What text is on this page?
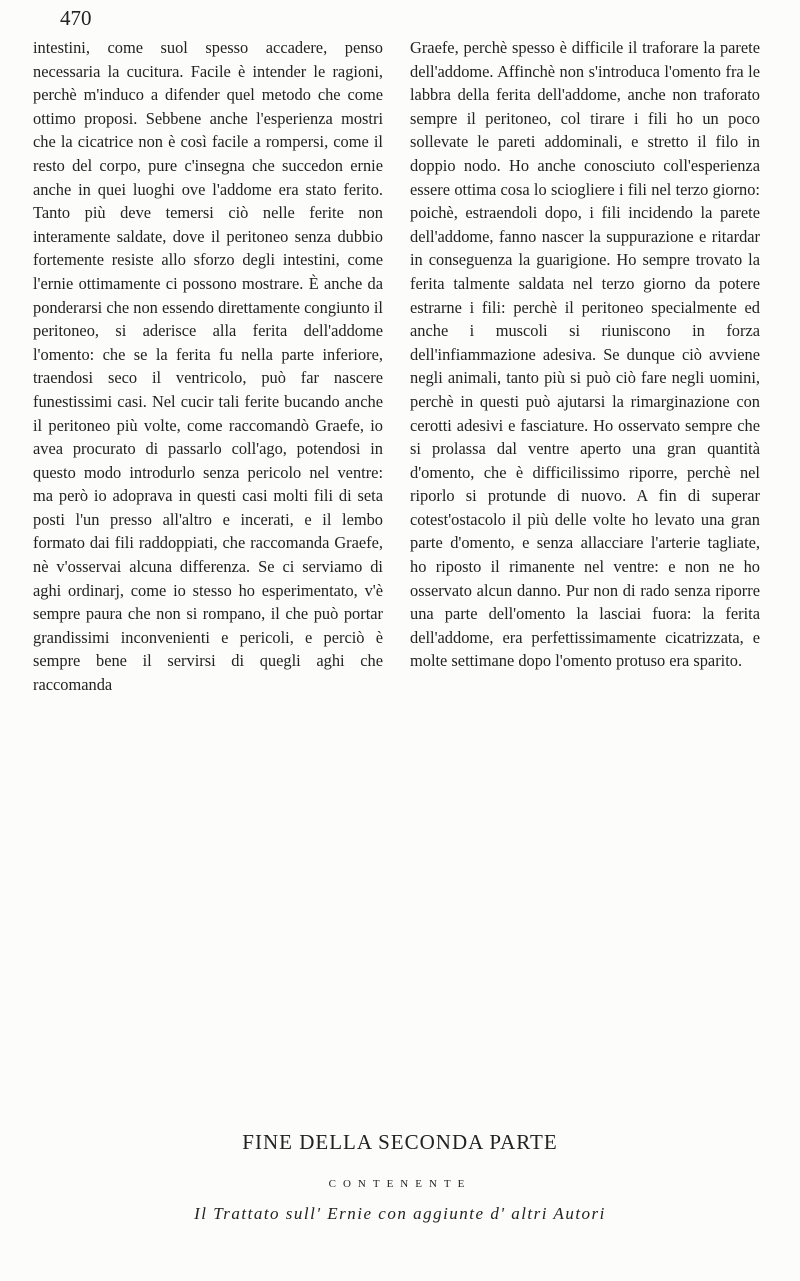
470

intestini, come suol spesso accadere, penso necessaria la cucitura. Facile è intender le ragioni, perchè m'induco a difender quel metodo che come ottimo proposi. Sebbene anche l'esperienza mostri che la cicatrice non è così facile a rompersi, come il resto del corpo, pure c'insegna che succedon ernie anche in quei luoghi ove l'addome era stato ferito. Tanto più deve temersi ciò nelle ferite non interamente saldate, dove il peritoneo senza dubbio fortemente resiste allo sforzo degli intestini, come l'ernie ottimamente ci possono mostrare. È anche da ponderarsi che non essendo direttamente congiunto il peritoneo, si aderisce alla ferita dell'addome l'omento: che se la ferita fu nella parte inferiore, traendosi seco il ventricolo, può far nascere funestissimi casi. Nel cucir tali ferite bucando anche il peritoneo più volte, come raccomandò Graefe, io avea procurato di passarlo coll'ago, potendosi in questo modo introdurlo senza pericolo nel ventre: ma però io adoprava in questi casi molti fili di seta posti l'un presso all'altro e incerati, e il lembo formato dai fili raddoppiati, che raccomanda Graefe, nè v'osservai alcuna differenza. Se ci serviamo di aghi ordinarj, come io stesso ho esperimentato, v'è sempre paura che non si rompano, il che può portar grandissimi inconvenienti e pericoli, e perciò è sempre bene il servirsi di quegli aghi che raccomanda

Graefe, perchè spesso è difficile il traforare la parete dell'addome. Affinchè non s'introduca l'omento fra le labbra della ferita dell'addome, anche non traforato sempre il peritoneo, col tirare i fili ho un poco sollevate le pareti addominali, e stretto il filo in doppio nodo. Ho anche conosciuto coll'esperienza essere ottima cosa lo sciogliere i fili nel terzo giorno: poichè, estraendoli dopo, i fili incidendo la parete dell'addome, fanno nascer la suppurazione e ritardar in conseguenza la guarigione. Ho sempre trovato la ferita talmente saldata nel terzo giorno da potere estrarne i fili: perchè il peritoneo specialmente ed anche i muscoli si riuniscono in forza dell'infiammazione adesiva. Se dunque ciò avviene negli animali, tanto più si può ciò fare negli uomini, perchè in questi può ajutarsi la rimarginazione con cerotti adesivi e fasciature. Ho osservato sempre che si prolassa dal ventre aperto una gran quantità d'omento, che è difficilissimo riporre, perchè nel riporlo si protunde di nuovo. A fin di superar cotest'ostacolo il più delle volte ho levato una gran parte d'omento, e senza allacciare l'arterie tagliate, ho riposto il rimanente nel ventre: e non ne ho osservato alcun danno. Pur non di rado senza riporre una parte dell'omento la lasciai fuora: la ferita dell'addome, era perfettissimamente cicatrizzata, e molte settimane dopo l'omento protuso era sparito.

FINE DELLA SECONDA PARTE
CONTENENTE
Il Trattato sull' Ernie con aggiunte d' altri Autori
